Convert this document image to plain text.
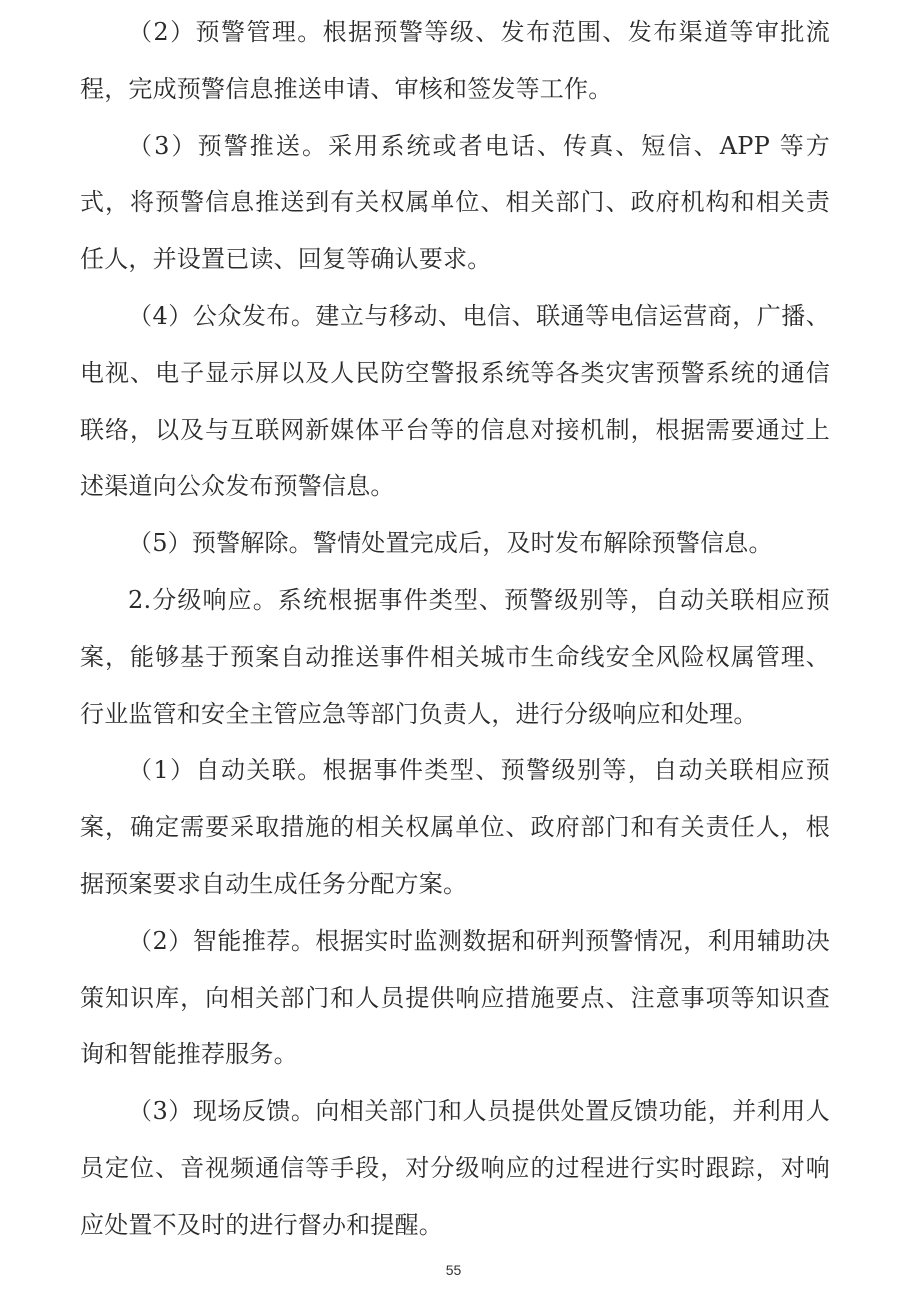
（2）预警管理。根据预警等级、发布范围、发布渠道等审批流程，完成预警信息推送申请、审核和签发等工作。

（3）预警推送。采用系统或者电话、传真、短信、APP 等方式，将预警信息推送到有关权属单位、相关部门、政府机构和相关责任人，并设置已读、回复等确认要求。

（4）公众发布。建立与移动、电信、联通等电信运营商，广播、电视、电子显示屏以及人民防空警报系统等各类灾害预警系统的通信联络，以及与互联网新媒体平台等的信息对接机制，根据需要通过上述渠道向公众发布预警信息。

（5）预警解除。警情处置完成后，及时发布解除预警信息。

2.分级响应。系统根据事件类型、预警级别等，自动关联相应预案，能够基于预案自动推送事件相关城市生命线安全风险权属管理、行业监管和安全主管应急等部门负责人，进行分级响应和处理。

（1）自动关联。根据事件类型、预警级别等，自动关联相应预案，确定需要采取措施的相关权属单位、政府部门和有关责任人，根据预案要求自动生成任务分配方案。

（2）智能推荐。根据实时监测数据和研判预警情况，利用辅助决策知识库，向相关部门和人员提供响应措施要点、注意事项等知识查询和智能推荐服务。

（3）现场反馈。向相关部门和人员提供处置反馈功能，并利用人员定位、音视频通信等手段，对分级响应的过程进行实时跟踪，对响应处置不及时的进行督办和提醒。

55
